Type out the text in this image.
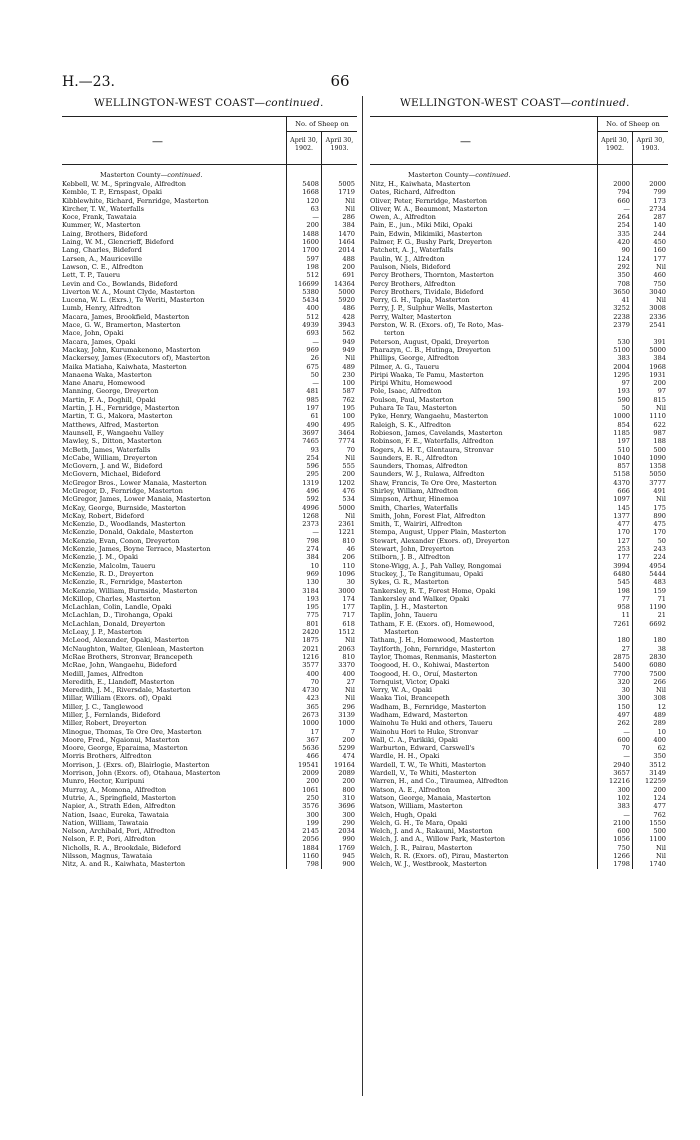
H.—23.	66
WELLINGTON-WEST COAST—continued.	WELLINGTON-WEST COAST—continued.
—
No. of Sheep on
April 30, 1902.
April 30, 1903.
Masterton County—continued.
Kebbell, W. M., Springvale, Alfredton	5408	5005
Kemble, T. P., Ernspast, Opaki	1668	1719
Kibblewhite, Richard, Fernridge, Masterton	120	Nil
Kircher, T. W., Waterfalls	63	Nil
Koce, Frank, Tawataia	—	286
Kummer, W., Masterton	200	384
Laing, Brothers, Bideford	1488	1470
Laing, W. M., Glencrieff, Bideford	1600	1464
Lang, Charles, Bideford	1700	2014
Larsen, A., Mauriceville	597	488
Lawson, C. E., Alfredton	198	200
Lett, T. P., Taueru	512	691
Levin and Co., Bowlands, Bideford	16699	14364
Liverton W. A., Mount Clyde, Masterton	5380	5000
Lucena, W. L. (Exrs.), Te Weriti, Masterton	5434	5920
Lumb, Henry, Alfredton	400	486
Macara, James, Brookfield, Masterton	512	428
Mace, G. W., Bramerton, Masterton	4939	3943
Mace, John, Opaki	693	562
Macara, James, Opaki	—	949
Mackay, John, Kurumakenono, Masterton	969	949
Mackersey, James (Executors of), Masterton	26	Nil
Maika Matiaha, Kaiwhata, Masterton	675	489
Manaena Waka, Masterton	50	230
Mane Anaru, Homewood	—	100
Manning, George, Dreyerton	481	587
Martin, F. A., Doghill, Opaki	985	762
Martin, J. H., Fernridge, Masterton	197	195
Martin, T. G., Makora, Masterton	61	100
Matthews, Alfred, Masterton	490	495
Maunsell, F., Wangaehu Valley	3697	3464
Mawley, S., Ditton, Masterton	7465	7774
McBeth, James, Waterfalls	93	70
McCabe, William, Dreyerton	254	Nil
McGovern, J. and W., Bideford	596	555
McGovern, Michael, Bideford	295	200
McGregor Bros., Lower Manaia, Masterton	1319	1202
McGregor, D., Fernridge, Masterton	496	476
McGregor, James, Lower Manaia, Masterton	592	534
McKay, George, Burnside, Masterton	4996	5000
McKay, Robert, Bideford	1268	Nil
McKenzie, D., Woodlands, Masterton	2373	2361
McKenzie, Donald, Oakdale, Masterton	—	1221
McKenzie, Evan, Conon, Dreyerton	798	810
McKenzie, James, Boyne Terrace, Masterton	274	46
McKenzie, J. M., Opaki	384	206
McKenzie, Malcolm, Taueru	10	110
McKenzie, R. D., Dreyerton	969	1096
McKenzie, R., Fernridge, Masterton	130	30
McKenzie, William, Burnside, Masterton	3184	3000
McKillop, Charles, Masterton	193	174
McLachlan, Colin, Landle, Opaki	195	177
McLachlan, D., Tirohanga, Opaki	775	717
McLachlan, Donald, Dreyerton	801	618
McLeay, J. P., Masterton	2420	1512
McLeod, Alexander, Opaki, Masterton	1875	Nil
McNaughton, Walter, Glenlean, Masterton	2021	2063
McRae Brothers, Stronvar, Brancepeth	1216	810
McRae, John, Wangaehu, Bideford	3577	3370
Medill, James, Alfredton	400	400
Meredith, E., Llandeff, Masterton	70	27
Meredith, J. M., Riversdale, Masterton	4730	Nil
Millar, William (Exors. of), Opaki	423	Nil
Miller, J. C., Tanglewood	365	296
Miller, J., Fernlands, Bideford	2673	3139
Miller, Robert, Dreyerton	1000	1000
Minogue, Thomas, Te Ore Ore, Masterton	17	7
Moore, Fred., Ngaionui, Masterton	367	200
Moore, George, Eparaima, Masterton	5636	5299
Morris Brothers, Alfredton	466	474
Morrison, J. (Exrs. of), Blairlogie, Masterton	19541	19164
Morrison, John (Exors. of), Otahaua, Masterton	2009	2089
Munro, Hector, Kuripuni	200	200
Murray, A., Momona, Alfredton	1061	800
Mutrie, A., Springfield, Masterton	250	310
Napier, A., Strath Eden, Alfredton	3576	3696
Nation, Isaac, Eureka, Tawataia	300	300
Nation, William, Tawataia	199	290
Nelson, Archibald, Pori, Alfredton	2145	2034
Nelson, F. P., Pori, Alfredton	2056	990
Nicholls, R. A., Brookdale, Bideford	1884	1769
Nilsson, Magnus, Tawataia	1160	945
Nitz, A. and R., Kaiwhata, Masterton	798	900
—
No. of Sheep on
April 30, 1902.
April 30, 1903.
Masterton County—continued.
Nitz, H., Kaiwhata, Masterton	2000	2000
Oates, Richard, Alfredton	794	799
Oliver, Peter, Fernridge, Masterton	660	173
Oliver, W. A., Beaumont, Masterton	—	2734
Owen, A., Alfredton	264	287
Pain, E., jun., Miki Miki, Opaki	254	140
Pain, Edwin, Mikimiki, Masterton	335	244
Palmer, F. G., Bushy Park, Dreyerton	420	450
Patchett, A. J., Waterfalls	90	160
Paulin, W. J., Alfredton	124	177
Paulson, Niels, Bideford	292	Nil
Percy Brothers, Thornton, Masterton	350	460
Percy Brothers, Alfredton	708	750
Percy Brothers, Tividale, Bideford	3650	3040
Perry, G. H., Tapia, Masterton	41	Nil
Perry, J. P., Sulphur Wells, Masterton	3252	3008
Perry, Walter, Masterton	2238	2336
Perston, W. R. (Exors. of), Te Roto, Mas-	2379	2541
terton
Peterson, August, Opaki, Dreyerton	530	391
Pharazyn, C. B., Hutinga, Dreyerton	5100	5000
Phillips, George, Alfredton	383	384
Pilmer, A. G., Taueru	2004	1968
Piripi Waaka, Te Pamu, Masterton	1295	1931
Piripi Whitu, Homewood	97	200
Pole, Isaac, Alfredton	193	97
Poulson, Paul, Masterton	590	815
Puhara Te Tau, Masterton	50	Nil
Pyke, Henry, Wangaehu, Masterton	1000	1110
Raleigh, S. K., Alfredton	854	622
Robieson, James, Cavelands, Masterton	1185	987
Robinson, F. E., Waterfalls, Alfredton	197	188
Rogers, A. H. T., Glentaura, Stronvar	510	500
Saunders, E. R., Alfredton	1040	1090
Saunders, Thomas, Alfredton	857	1358
Saunders, W. J., Rulawa, Alfredton	5158	5050
Shaw, Francis, Te Ore Ore, Masterton	4370	3777
Shirley, William, Alfredton	666	491
Simpson, Arthur, Hinemoa	1097	Nil
Smith, Charles, Waterfalls	145	175
Smith, John, Forest Flat, Alfredton	1377	890
Smith, T., Wairiri, Alfredton	477	475
Stempa, August, Upper Plain, Masterton	170	170
Stewart, Alexander (Exors. of), Dreyerton	127	50
Stewart, John, Dreyerton	253	243
Stilborn, J. B., Alfredton	177	224
Stone-Wigg, A. J., Pah Valley, Rongomai	3994	4954
Stuckey, J., Te Rangitumau, Opaki	6480	5444
Sykes, G. R., Masterton	545	483
Tankersley, R. T., Forest Home, Opaki	198	159
Tankersley and Walker, Opaki	77	71
Taplin, J. H., Masterton	958	1190
Taplin, John, Taueru	11	21
Tatham, F. E. (Exors. of), Homewood,	7261	6692
Masterton
Tatham, J. H., Homewood, Masterton	180	180
Taylforth, John, Fernridge, Masterton	27	38
Taylor, Thomas, Renmanis, Masterton	2875	2830
Toogood, H. O., Kohiwai, Masterton	5400	6080
Toogood, H. O., Oruí, Masterton	7700	7500
Tornquist, Victor, Opaki	320	266
Verry, W. A., Opaki	30	Nil
Waaka Tioi, Brancepeth	300	308
Wadham, B., Fernridge, Masterton	150	12
Wadham, Edward, Masterton	497	489
Wainohu Te Huki and others, Taueru	262	289
Wainohu Hori te Huke, Stronvar	—	10
Wall, C. A., Parikiki, Opaki	600	400
Warburton, Edward, Carswell's	70	62
Wardle, H. H., Opaki	—	350
Wardell, T. W., Te Whiti, Masterton	2940	3512
Wardell, V., Te Whiti, Masterton	3657	3149
Warren, H., and Co., Tiraumea, Alfredton	12216	12259
Watson, A. E., Alfredton	300	200
Watson, George, Manaia, Masterton	102	124
Watson, William, Masterton	383	477
Welch, Hugh, Opaki	—	762
Welch, G. H., Te Mara, Opaki	2100	1550
Welch, J. and A., Rakauni, Masterton	600	500
Welch, J. and A., Willow Park, Masterton	1056	1100
Welch, J. R., Pairau, Masterton	750	Nil
Welch, R. R. (Exors. of), Pirau, Masterton	1266	Nil
Welch, W. J., Westbrook, Masterton	1798	1740
